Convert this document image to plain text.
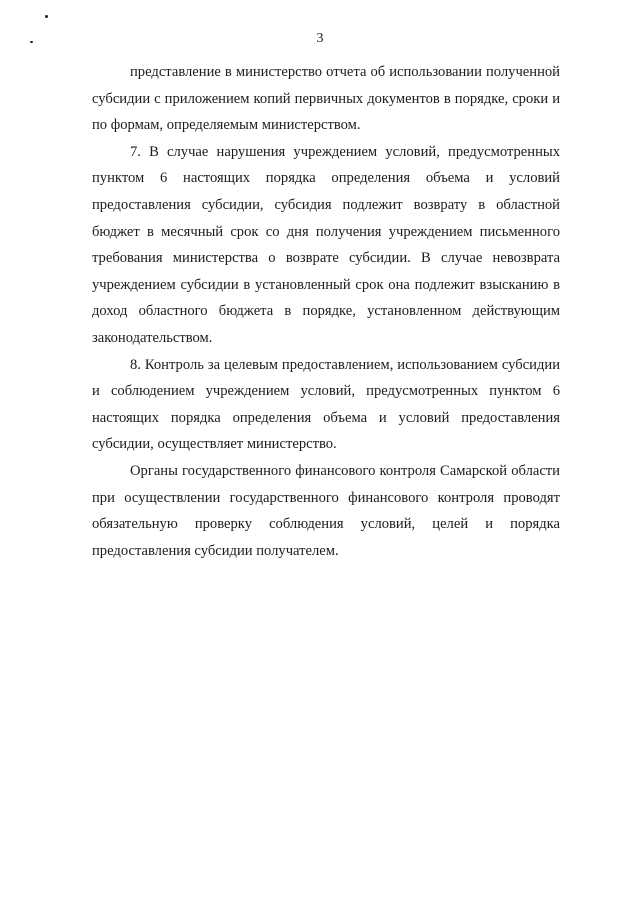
3

представление в министерство отчета об использовании полученной субсидии с приложением копий первичных документов в порядке, сроки и по формам, определяемым министерством.

7. В случае нарушения учреждением условий, предусмотренных пунктом 6 настоящих порядка определения объема и условий предоставления субсидии, субсидия подлежит возврату в областной бюджет в месячный срок со дня получения учреждением письменного требования министерства о возврате субсидии. В случае невозврата учреждением субсидии в установленный срок она подлежит взысканию в доход областного бюджета в порядке, установленном действующим законодательством.

8. Контроль за целевым предоставлением, использованием субсидии и соблюдением учреждением условий, предусмотренных пунктом 6 настоящих порядка определения объема и условий предоставления субсидии, осуществляет министерство.

Органы государственного финансового контроля Самарской области при осуществлении государственного финансового контроля проводят обязательную проверку соблюдения условий, целей и порядка предоставления субсидии получателем.
